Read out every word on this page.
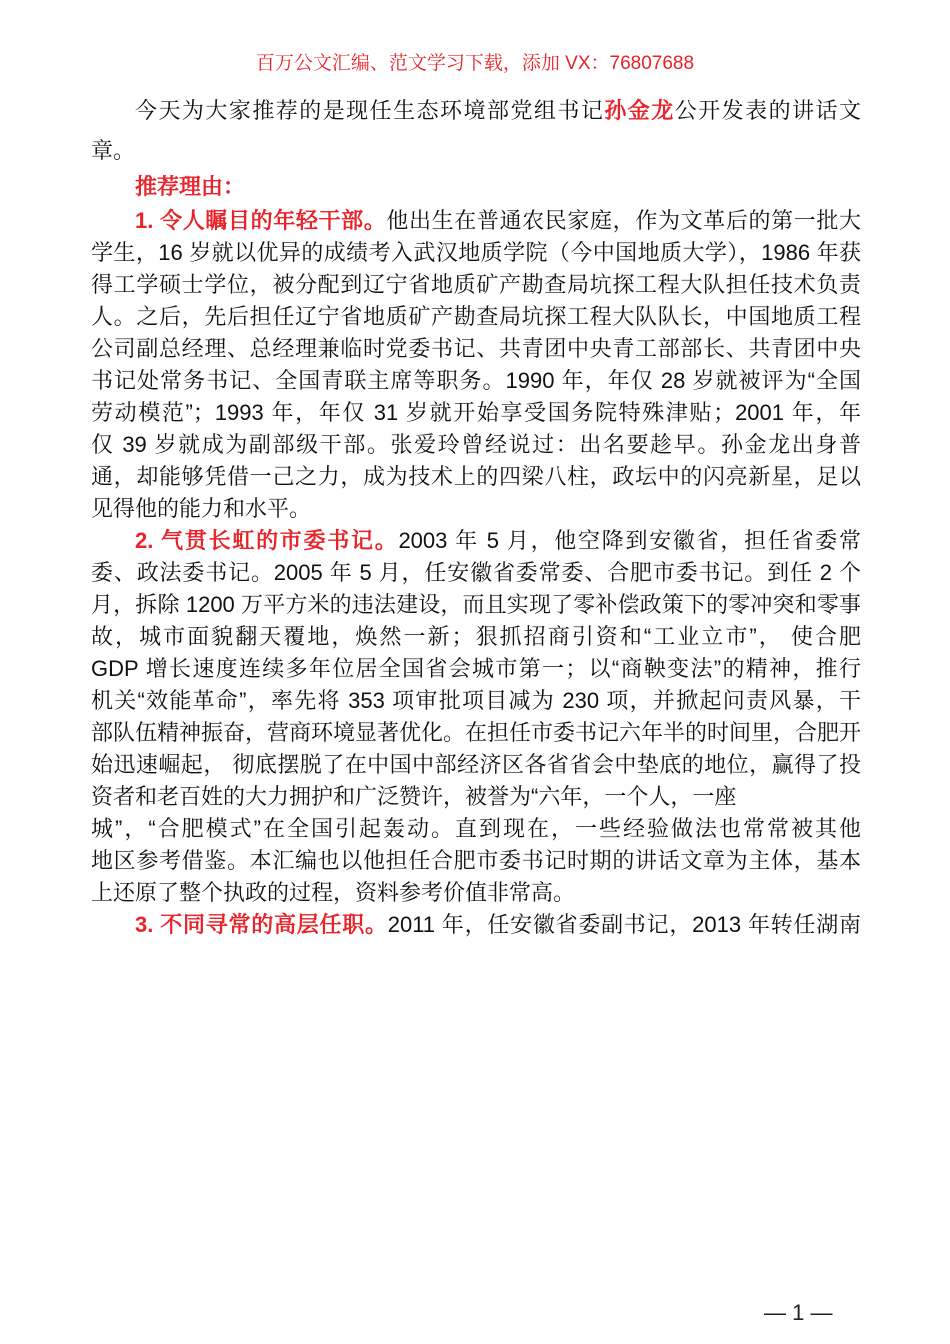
百万公文汇编、范文学习下载，添加 VX：76807688
今天为大家推荐的是现任生态环境部党组书记孙金龙公开发表的讲话文
章。
推荐理由：
1. 令人瞩目的年轻干部。他出生在普通农民家庭，作为文革后的第一批大
学生，16 岁就以优异的成绩考入武汉地质学院（今中国地质大学），1986 年获
得工学硕士学位，被分配到辽宁省地质矿产勘查局坑探工程大队担任技术负责
人。之后，先后担任辽宁省地质矿产勘查局坑探工程大队队长，中国地质工程
公司副总经理、总经理兼临时党委书记、共青团中央青工部部长、共青团中央
书记处常务书记、全国青联主席等职务。1990 年，年仅 28 岁就被评为“全国
劳动模范”；1993 年，年仅 31 岁就开始享受国务院特殊津贴；2001 年，年
仅 39 岁就成为副部级干部。张爱玲曾经说过：出名要趁早。孙金龙出身普
通，却能够凭借一己之力，成为技术上的四梁八柱，政坛中的闪亮新星，足以
见得他的能力和水平。
2. 气贯长虹的市委书记。2003 年 5 月，他空降到安徽省，担任省委常
委、政法委书记。2005 年 5 月，任安徽省委常委、合肥市委书记。到任 2 个
月，拆除 1200 万平方米的违法建设，而且实现了零补偿政策下的零冲突和零事
故，城市面貌翻天覆地，焕然一新；狠抓招商引资和“工业立市”， 使合肥
GDP 增长速度连续多年位居全国省会城市第一；以“商鞅变法”的精神，推行
机关“效能革命”，率先将 353 项审批项目减为 230 项，并掀起问责风暴，干
部队伍精神振奋，营商环境显著优化。在担任市委书记六年半的时间里，合肥开
始迅速崛起， 彻底摆脱了在中国中部经济区各省省会中垫底的地位，赢得了投
资者和老百姓的大力拥护和广泛赞许，被誉为“六年，一个人，一座
城”，“合肥模式”在全国引起轰动。直到现在，一些经验做法也常常被其他
地区参考借鉴。本汇编也以他担任合肥市委书记时期的讲话文章为主体，基本
上还原了整个执政的过程，资料参考价值非常高。
3. 不同寻常的高层任职。2011 年，任安徽省委副书记，2013 年转任湖南
— 1 —
